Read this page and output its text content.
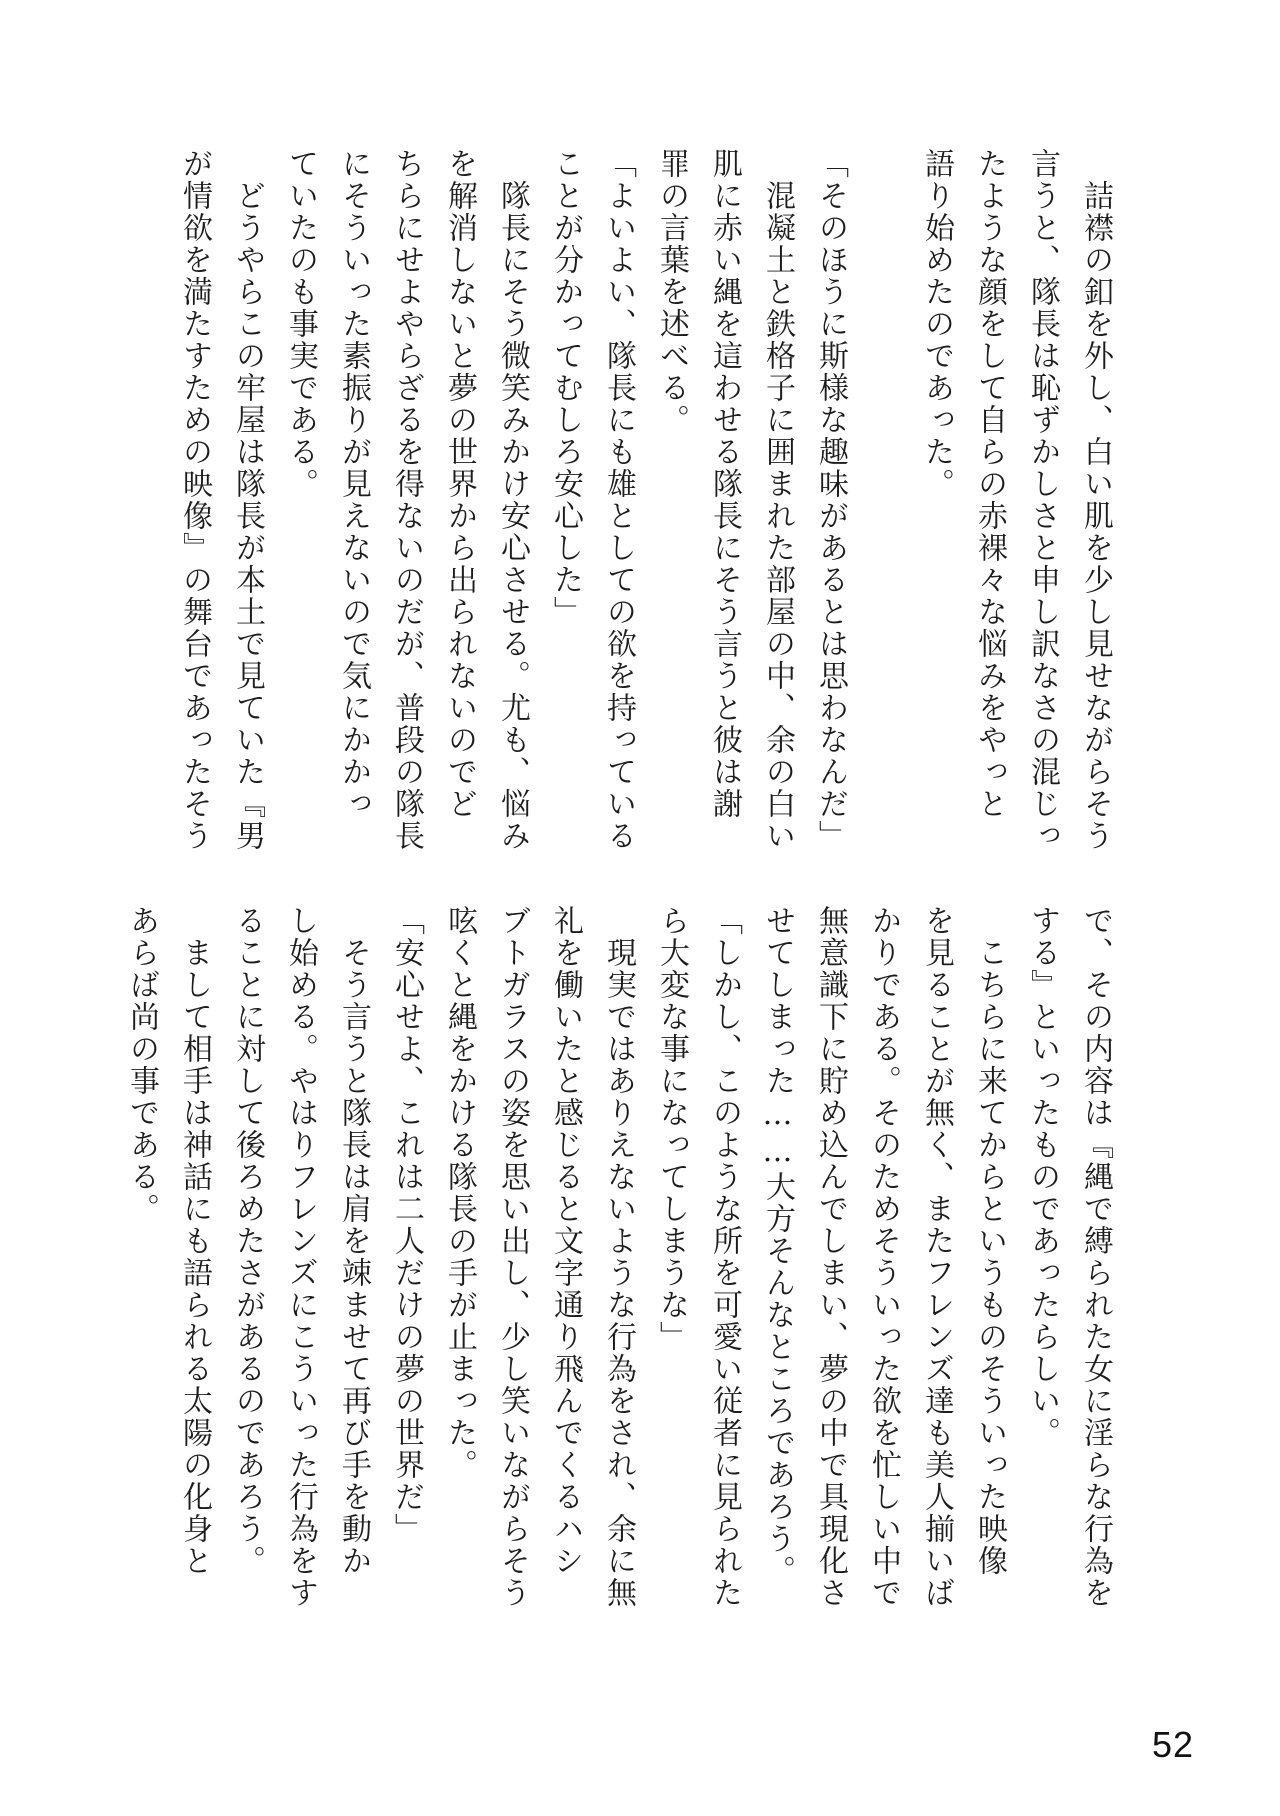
　詰襟の釦を外し、白い肌を少し見せながらそう
言うと、隊長は恥ずかしさと申し訳なさの混じっ
たような顔をして自らの赤裸々な悩みをやっと
語り始めたのであった。
「そのほうに斯様な趣味があるとは思わなんだ」
　混凝土と鉄格子に囲まれた部屋の中、余の白い
肌に赤い縄を這わせる隊長にそう言うと彼は謝
罪の言葉を述べる。
「よいよい、隊長にも雄としての欲を持っている
ことが分かってむしろ安心した」
　隊長にそう微笑みかけ安心させる。尤も、悩み
を解消しないと夢の世界から出られないのでど
ちらにせよやらざるを得ないのだが、普段の隊長
にそういった素振りが見えないので気にかかっ
ていたのも事実である。
　どうやらこの牢屋は隊長が本土で見ていた『男
が情欲を満たすための映像』の舞台であったそう
で、その内容は『縄で縛られた女に淫らな行為を
する』といったものであったらしい。
　こちらに来てからというものそういった映像
を見ることが無く、またフレンズ達も美人揃いば
かりである。そのためそういった欲を忙しい中で
無意識下に貯め込んでしまい、夢の中で具現化さ
せてしまった……大方そんなところであろう。
「しかし、このような所を可愛い従者に見られた
ら大変な事になってしまうな」
　現実ではありえないような行為をされ、余に無
礼を働いたと感じると文字通り飛んでくるハシ
ブトガラスの姿を思い出し、少し笑いながらそう
呟くと縄をかける隊長の手が止まった。
「安心せよ、これは二人だけの夢の世界だ」
　そう言うと隊長は肩を竦ませて再び手を動か
し始める。やはりフレンズにこういった行為をす
ることに対して後ろめたさがあるのであろう。
　まして相手は神話にも語られる太陽の化身と
あらば尚の事である。
52
